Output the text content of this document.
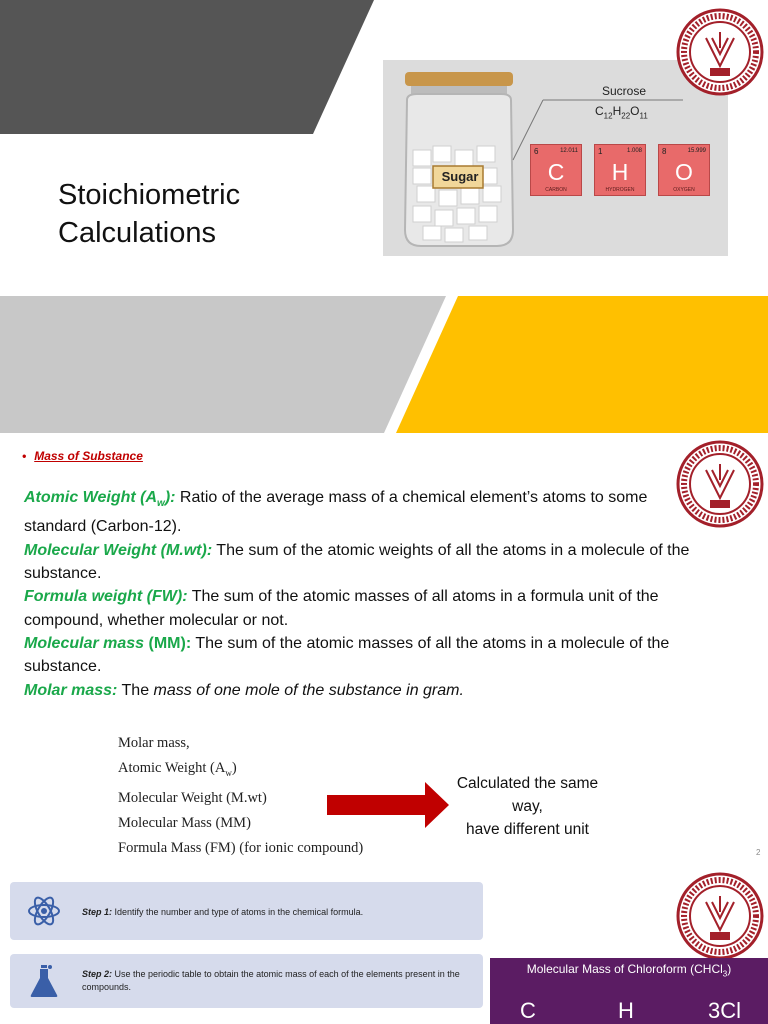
Stoichiometric
Calculations
Sugar
Sucrose
$C_{12}H_{22}O_{11}$
6	12.011
C
CARBON
1	1.008
H
HYDROGEN
8	15.999
O
OXYGEN
• Mass of Substance
Atomic Weight $(A_w)$: Ratio of the average mass of a chemical element’s atoms to some standard (Carbon-12).
Molecular Weight (M.wt): The sum of the atomic weights of all the atoms in a molecule of the substance.
Formula weight (FW): The sum of the atomic masses of all atoms in a formula unit of the compound, whether molecular or not.
Molecular mass (MM): The sum of the atomic masses of all the atoms in a molecule of the substance.
Molar mass: The mass of one mole of the substance in gram.
Molar mass,
Atomic Weight $(A_w)$
Molecular Weight (M.wt)
Molecular Mass (MM)
Formula Mass (FM) (for ionic compound)
Calculated the same
way,
have different unit
2
Step 1: Identify the number and type of atoms in the chemical formula.
Step 2: Use the periodic table to obtain the atomic mass of each of the elements present in the compounds.
Molecular Mass of Chloroform (CHCl$_3$)
C	H	3Cl
